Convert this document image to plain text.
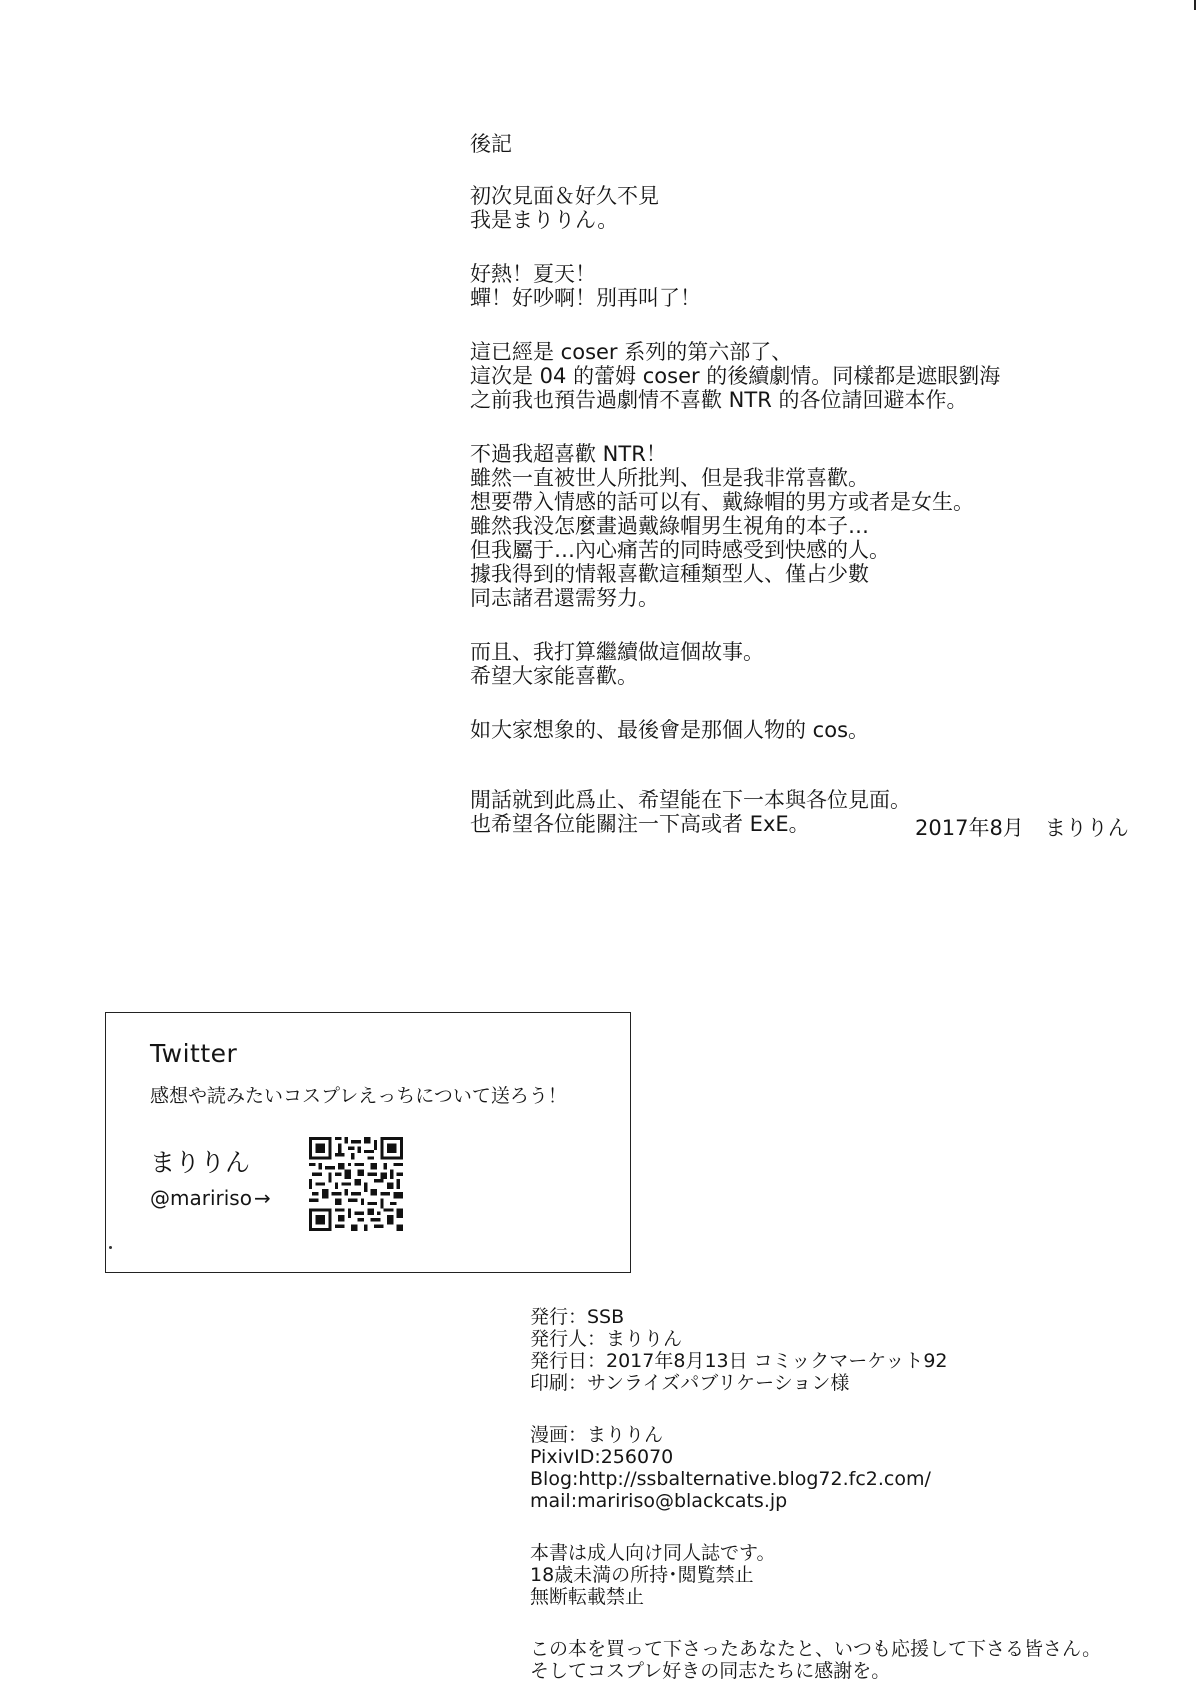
後記
初次見面＆好久不見
我是まりりん。
好熱！夏天！
蟬！好吵啊！別再叫了！
這已經是 coser 系列的第六部了、
這次是 04 的蕾姆 coser 的後續劇情。同樣都是遮眼劉海
之前我也預告過劇情不喜歡 NTR 的各位請回避本作。
不過我超喜歡 NTR！
雖然一直被世人所批判、但是我非常喜歡。
想要帶入情感的話可以有、戴綠帽的男方或者是女生。
雖然我没怎麼畫過戴綠帽男生視角的本子…
但我屬于…內心痛苦的同時感受到快感的人。
據我得到的情報喜歡這種類型人、僅占少數
同志諸君還需努力。
而且、我打算繼續做這個故事。
希望大家能喜歡。
如大家想象的、最後會是那個人物的 cos。
閒話就到此爲止、希望能在下一本與各位見面。
也希望各位能關注一下高或者 ExE。	2017年8月　まりりん
Twitter
感想や読みたいコスプレえっちについて送ろう！
まりりん
@maririso →
発行：SSB
発行人：まりりん
発行日：2017年8月13日 コミックマーケット92
印刷：サンライズパブリケーション様
漫画：まりりん
PixivID:256070
Blog:http://ssbalternative.blog72.fc2.com/
mail:maririso@blackcats.jp
本書は成人向け同人誌です。
18歳未満の所持･閲覧禁止
無断転載禁止
この本を買って下さったあなたと、いつも応援して下さる皆さん。
そしてコスプレ好きの同志たちに感謝を。
